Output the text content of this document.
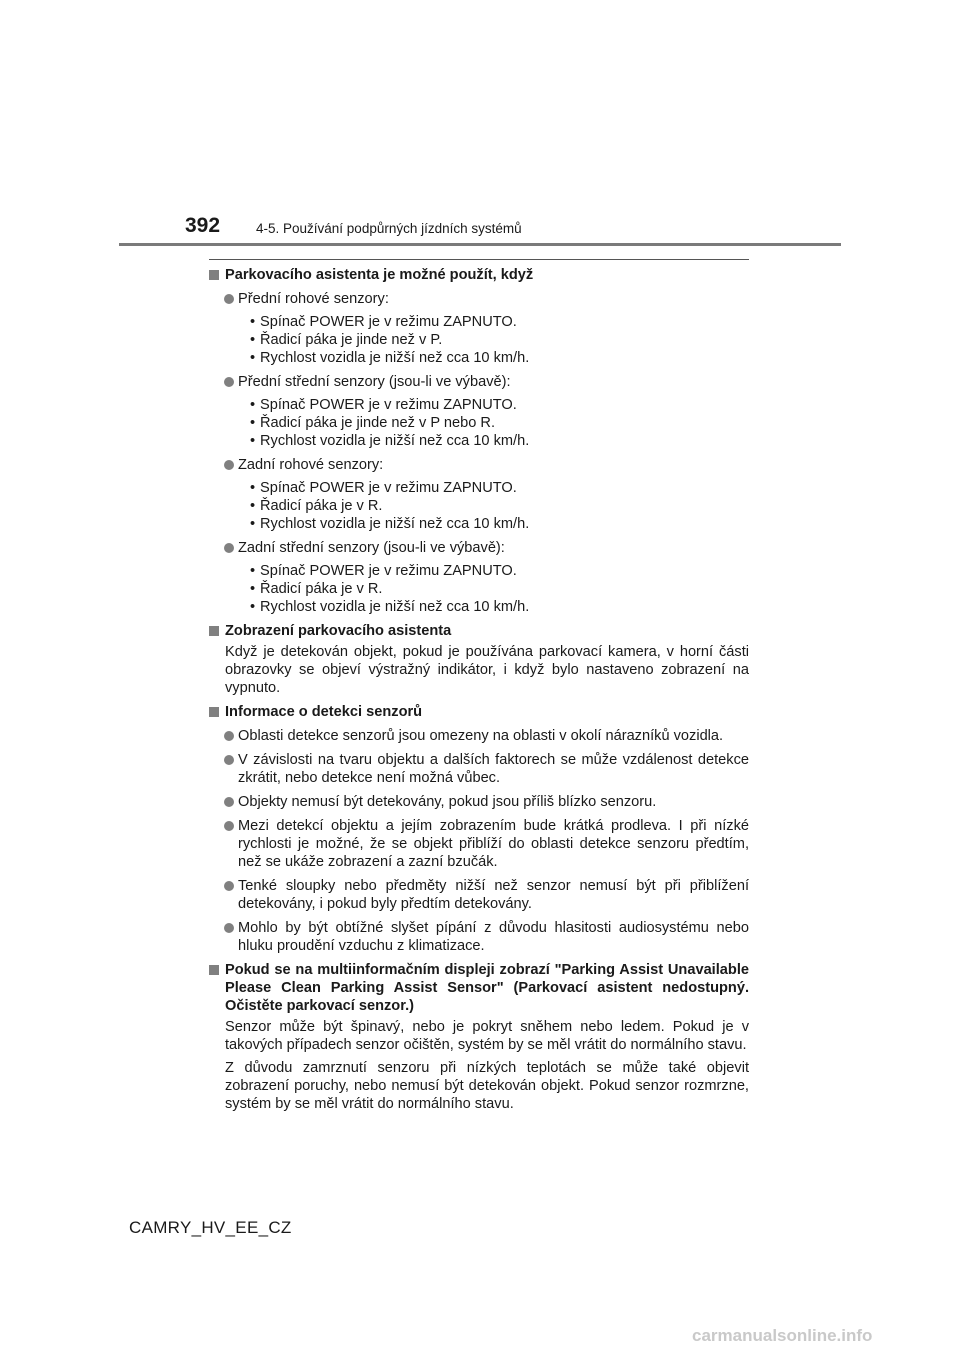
392	4-5. Používání podpůrných jízdních systémů
Parkovacího asistenta je možné použít, když
Přední rohové senzory:
• Spínač POWER je v režimu ZAPNUTO.
• Řadicí páka je jinde než v P.
• Rychlost vozidla je nižší než cca 10 km/h.
Přední střední senzory (jsou-li ve výbavě):
• Spínač POWER je v režimu ZAPNUTO.
• Řadicí páka je jinde než v P nebo R.
• Rychlost vozidla je nižší než cca 10 km/h.
Zadní rohové senzory:
• Spínač POWER je v režimu ZAPNUTO.
• Řadicí páka je v R.
• Rychlost vozidla je nižší než cca 10 km/h.
Zadní střední senzory (jsou-li ve výbavě):
• Spínač POWER je v režimu ZAPNUTO.
• Řadicí páka je v R.
• Rychlost vozidla je nižší než cca 10 km/h.
Zobrazení parkovacího asistenta
Když je detekován objekt, pokud je používána parkovací kamera, v horní části obrazovky se objeví výstražný indikátor, i když bylo nastaveno zobrazení na vypnuto.
Informace o detekci senzorů
Oblasti detekce senzorů jsou omezeny na oblasti v okolí nárazníků vozidla.
V závislosti na tvaru objektu a dalších faktorech se může vzdálenost detekce zkrátit, nebo detekce není možná vůbec.
Objekty nemusí být detekovány, pokud jsou příliš blízko senzoru.
Mezi detekcí objektu a jejím zobrazením bude krátká prodleva. I při nízké rychlosti je možné, že se objekt přiblíží do oblasti detekce senzoru předtím, než se ukáže zobrazení a zazní bzučák.
Tenké sloupky nebo předměty nižší než senzor nemusí být při přiblížení detekovány, i pokud byly předtím detekovány.
Mohlo by být obtížné slyšet pípání z důvodu hlasitosti audiosystému nebo hluku proudění vzduchu z klimatizace.
Pokud se na multiinformačním displeji zobrazí "Parking Assist Unavailable Please Clean Parking Assist Sensor" (Parkovací asistent nedostupný. Očistěte parkovací senzor.)
Senzor může být špinavý, nebo je pokryt sněhem nebo ledem. Pokud je v takových případech senzor očištěn, systém by se měl vrátit do normálního stavu.
Z důvodu zamrznutí senzoru při nízkých teplotách se může také objevit zobrazení poruchy, nebo nemusí být detekován objekt. Pokud senzor rozmrzne, systém by se měl vrátit do normálního stavu.
CAMRY_HV_EE_CZ
carmanualsonline.info
